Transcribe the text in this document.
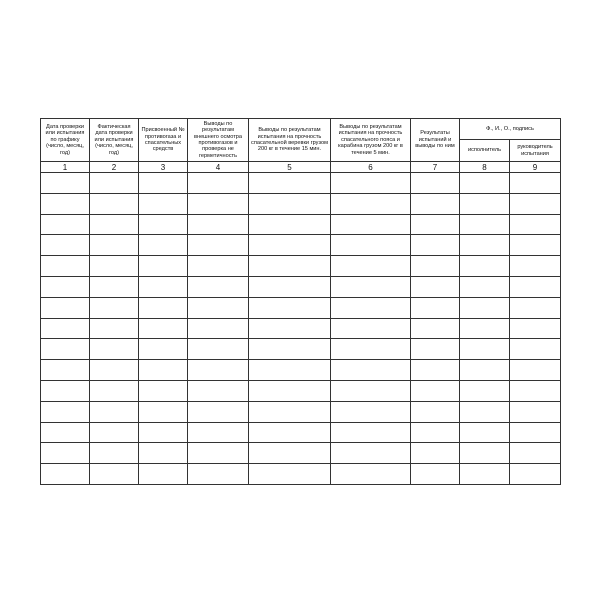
Дата проверки или испытания по графику (число, месяц, год)	Фактическая дата проверки или испытания (число, месяц, год)	Присвоенный № противогаза и спасательных средств	Выводы по результатам внешнего осмотра противогазов и проверка не герметичность	Выводы по результатам испытания на прочность спасательной веревки грузом 200 кг в течение 15 мин.	Выводы по результатам испытания на прочность спасательного пояса и карабина грузом 200 кг в течение 5 мин.	Результаты испытаний и выводы по ним	Ф., И., О., подпись	
							исполнитель	руководитель испытания
1	2	3	4	5	6	7	8	9
